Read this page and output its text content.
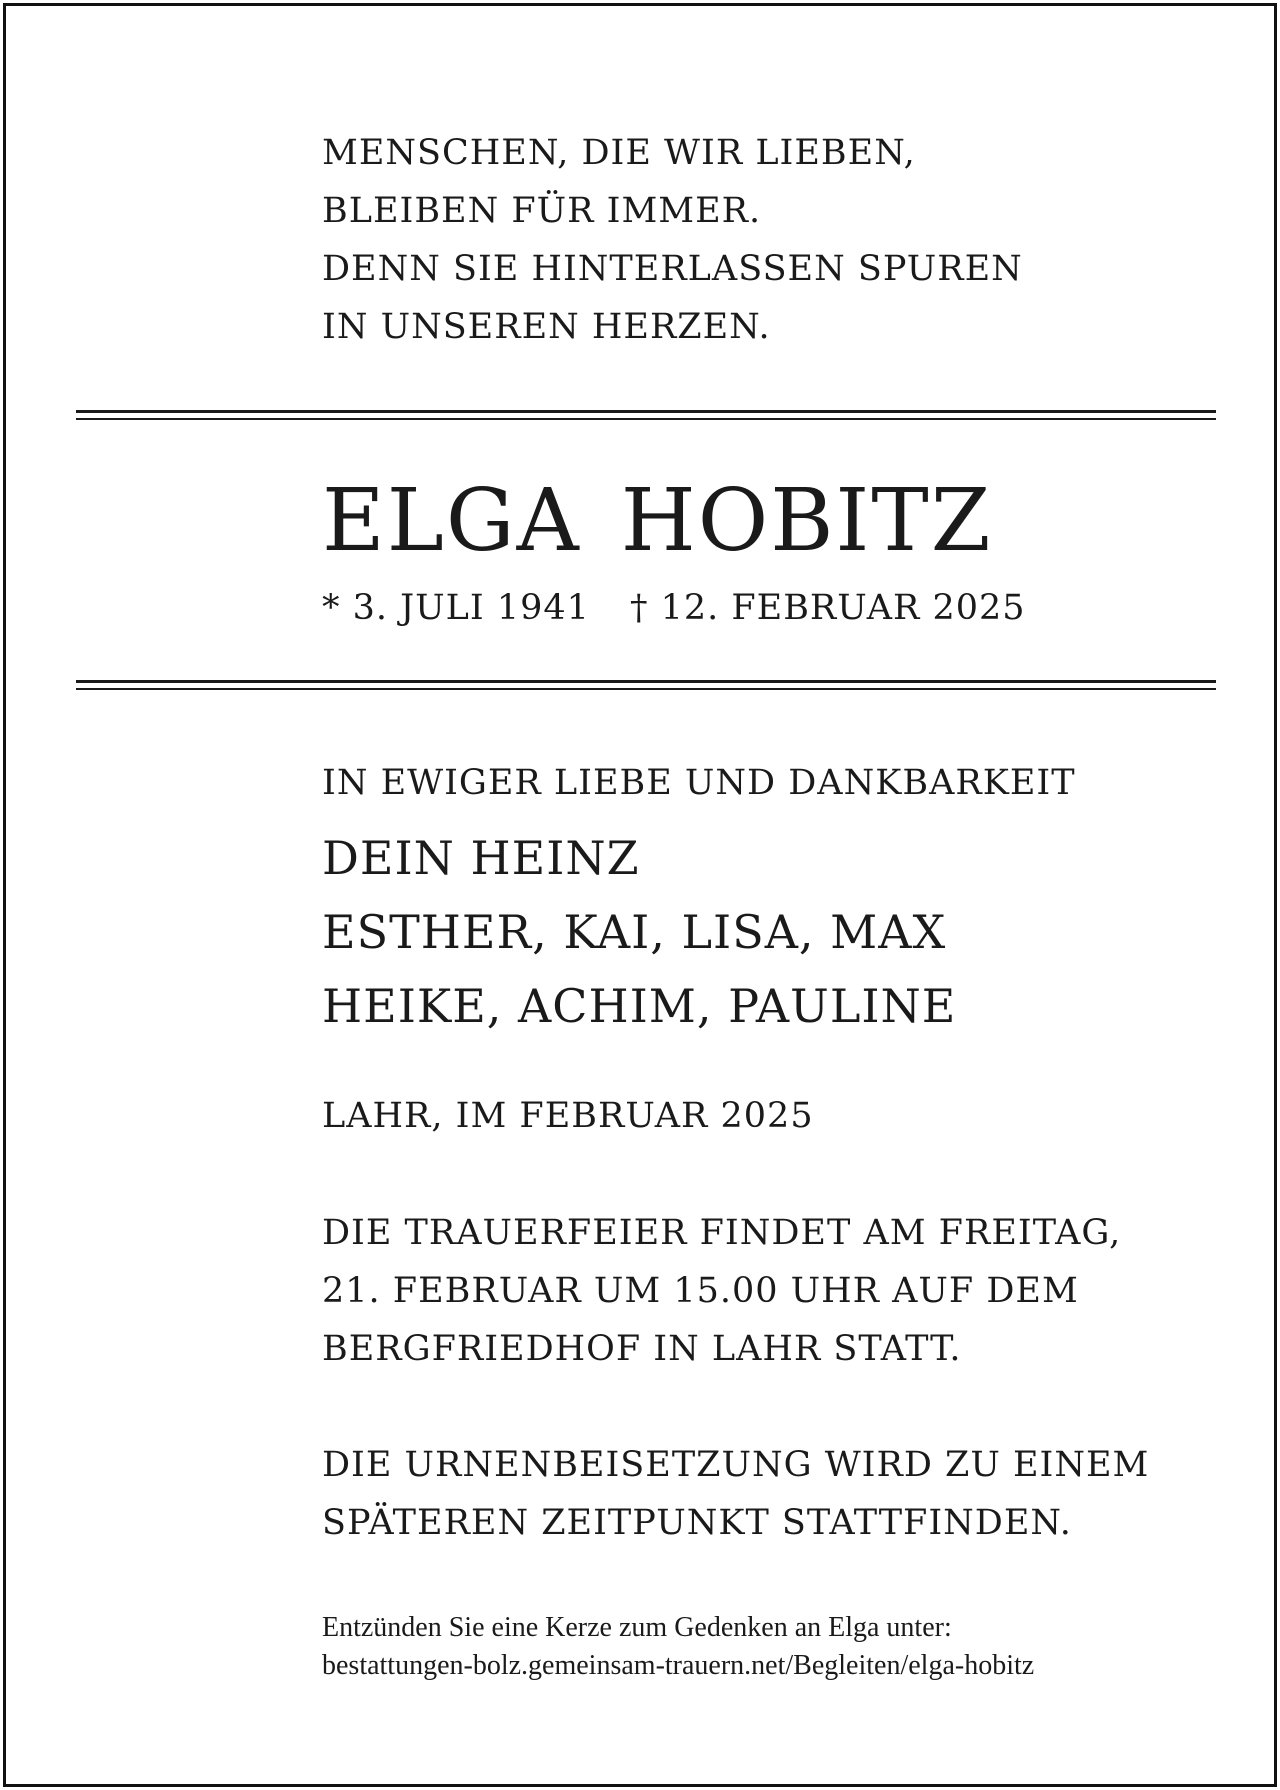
MENSCHEN, DIE WIR LIEBEN,
BLEIBEN FÜR IMMER.
DENN SIE HINTERLASSEN SPUREN
IN UNSEREN HERZEN.
ELGA HOBITZ
* 3. JULI 1941 † 12. FEBRUAR 2025
IN EWIGER LIEBE UND DANKBARKEIT
DEIN HEINZ
ESTHER, KAI, LISA, MAX
HEIKE, ACHIM, PAULINE
LAHR, IM FEBRUAR 2025
DIE TRAUERFEIER FINDET AM FREITAG,
21. FEBRUAR UM 15.00 UHR AUF DEM
BERGFRIEDHOF IN LAHR STATT.
DIE URNENBEISETZUNG WIRD ZU EINEM
SPÄTEREN ZEITPUNKT STATTFINDEN.
Entzünden Sie eine Kerze zum Gedenken an Elga unter:
bestattungen-bolz.gemeinsam-trauern.net/Begleiten/elga-hobitz
